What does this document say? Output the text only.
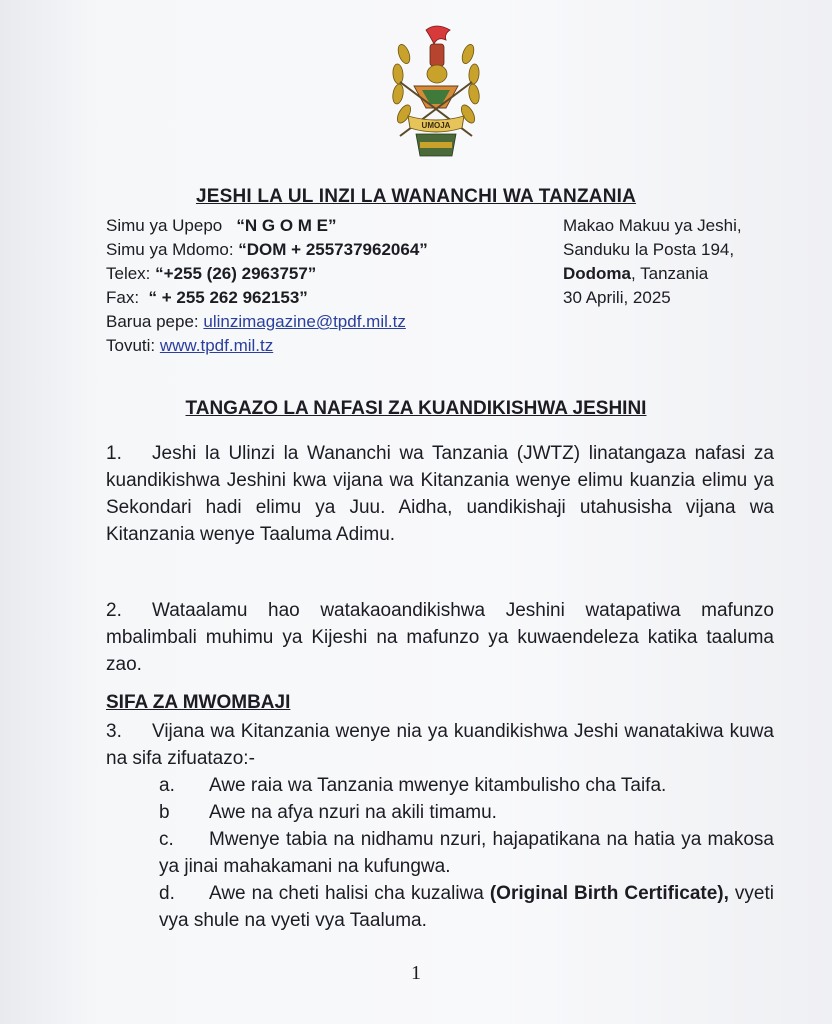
UMOJA
JESHI LA UL INZI LA WANANCHI WA TANZANIA
Simu ya Upepo “N G O M E”
Simu ya Mdomo: “DOM + 255737962064”
Telex: “+255 (26) 2963757”
Fax: “ + 255 262 962153”
Barua pepe: ulinzimagazine@tpdf.mil.tz
Tovuti: www.tpdf.mil.tz
Makao Makuu ya Jeshi,
Sanduku la Posta 194,
Dodoma, Tanzania
30 Aprili, 2025
TANGAZO LA NAFASI ZA KUANDIKISHWA JESHINI
1. Jeshi la Ulinzi la Wananchi wa Tanzania (JWTZ) linatangaza nafasi za kuandikishwa Jeshini kwa vijana wa Kitanzania wenye elimu kuanzia elimu ya Sekondari hadi elimu ya Juu. Aidha, uandikishaji utahusisha vijana wa Kitanzania wenye Taaluma Adimu.
2. Wataalamu hao watakaoandikishwa Jeshini watapatiwa mafunzo mbalimbali muhimu ya Kijeshi na mafunzo ya kuwaendeleza katika taaluma zao.
SIFA ZA MWOMBAJI
3. Vijana wa Kitanzania wenye nia ya kuandikishwa Jeshi wanatakiwa kuwa na sifa zifuatazo:-
a. Awe raia wa Tanzania mwenye kitambulisho cha Taifa.
b Awe na afya nzuri na akili timamu.
c. Mwenye tabia na nidhamu nzuri, hajapatikana na hatia ya makosa ya jinai mahakamani na kufungwa.
d. Awe na cheti halisi cha kuzaliwa (Original Birth Certificate), vyeti vya shule na vyeti vya Taaluma.
1
